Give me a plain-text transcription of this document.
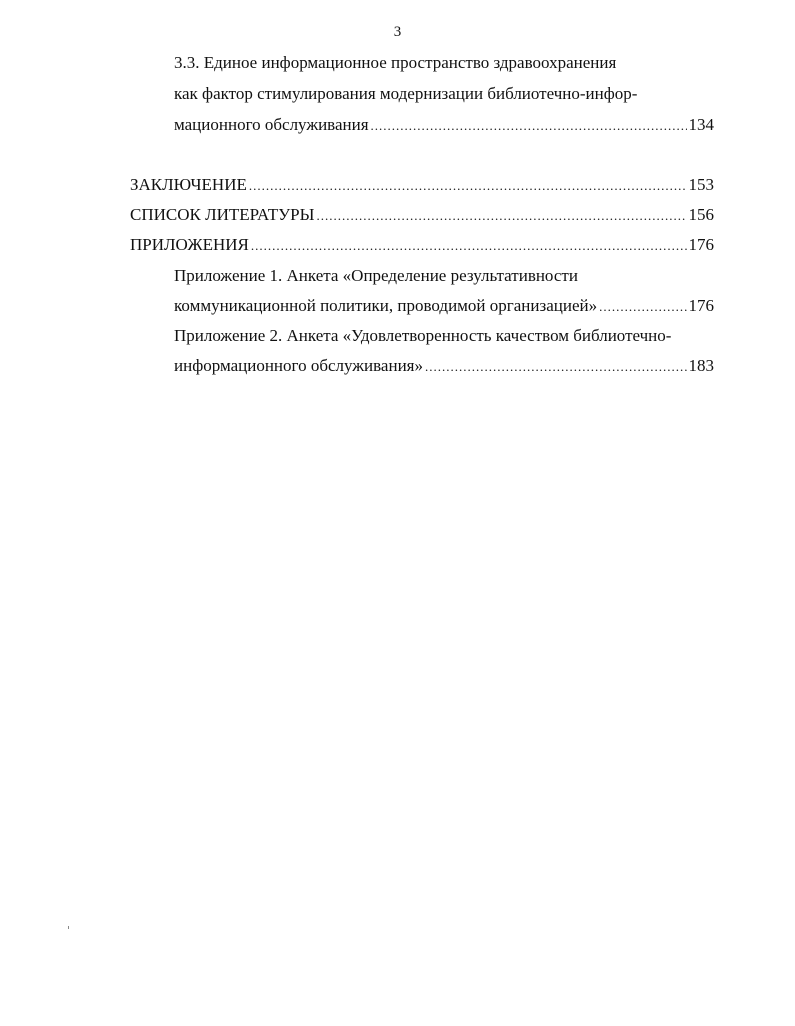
3
3.3. Единое информационное пространство здравоохранения
как фактор стимулирования модернизации библиотечно-инфор-
мационного обслуживания .....	134
ЗАКЛЮЧЕНИЕ .....	153
СПИСОК ЛИТЕРАТУРЫ .....	156
ПРИЛОЖЕНИЯ .....	176
Приложение 1. Анкета «Определение результативности
коммуникационной политики, проводимой организацией» .....	176
Приложение 2. Анкета «Удовлетворенность качеством библиотечно-
информационного обслуживания» .....	183
